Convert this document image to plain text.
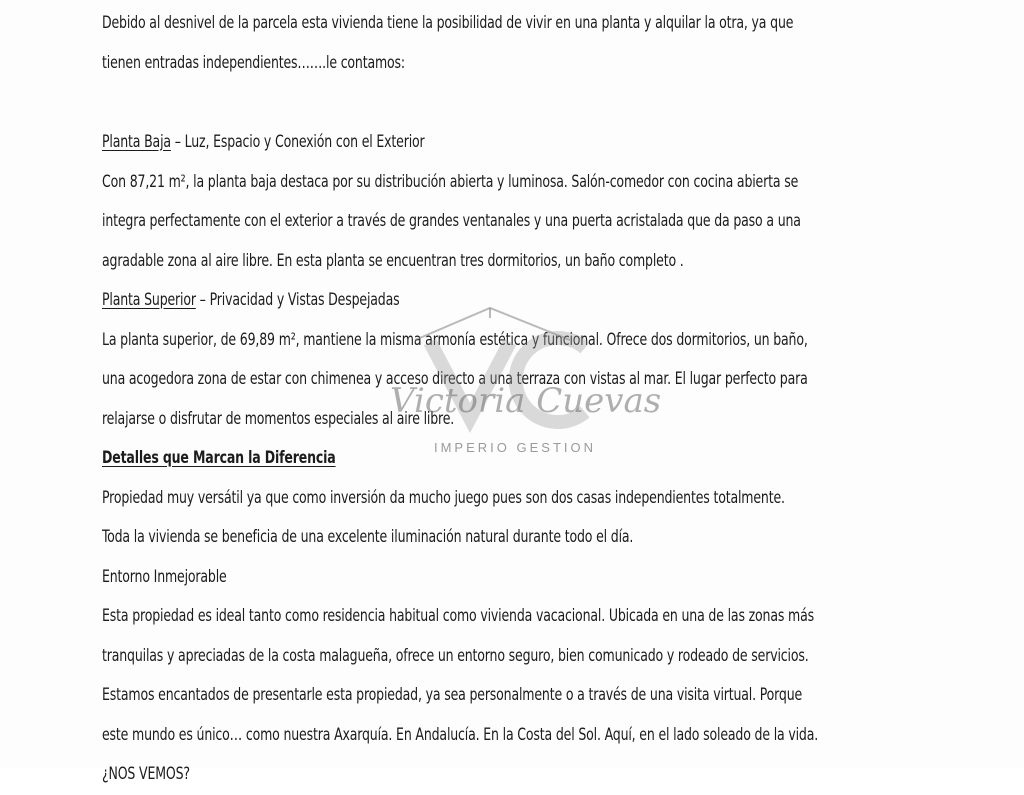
Debido al desnivel de la parcela esta vivienda tiene la posibilidad de vivir en una planta y alquilar la otra, ya que
tienen entradas independientes…….le contamos:
Planta Baja – Luz, Espacio y Conexión con el Exterior
Con 87,21 m², la planta baja destaca por su distribución abierta y luminosa. Salón-comedor con cocina abierta se
integra perfectamente con el exterior a través de grandes ventanales y una puerta acristalada que da paso a una
agradable zona al aire libre. En esta planta se encuentran tres dormitorios, un baño completo .
Planta Superior – Privacidad y Vistas Despejadas
La planta superior, de 69,89 m², mantiene la misma armonía estética y funcional. Ofrece dos dormitorios, un baño,
una acogedora zona de estar con chimenea y acceso directo a una terraza con vistas al mar. El lugar perfecto para
relajarse o disfrutar de momentos especiales al aire libre.
Detalles que Marcan la Diferencia
Propiedad muy versátil ya que como inversión da mucho juego pues son dos casas independientes totalmente.
Toda la vivienda se beneficia de una excelente iluminación natural durante todo el día.
Entorno Inmejorable
Esta propiedad es ideal tanto como residencia habitual como vivienda vacacional. Ubicada en una de las zonas más
tranquilas y apreciadas de la costa malagueña, ofrece un entorno seguro, bien comunicado y rodeado de servicios.
Estamos encantados de presentarle esta propiedad, ya sea personalmente o a través de una visita virtual. Porque
este mundo es único… como nuestra Axarquía. En Andalucía. En la Costa del Sol. Aquí, en el lado soleado de la vida.
¿NOS VEMOS?
Victoria Cuevas
IMPERIO GESTION
